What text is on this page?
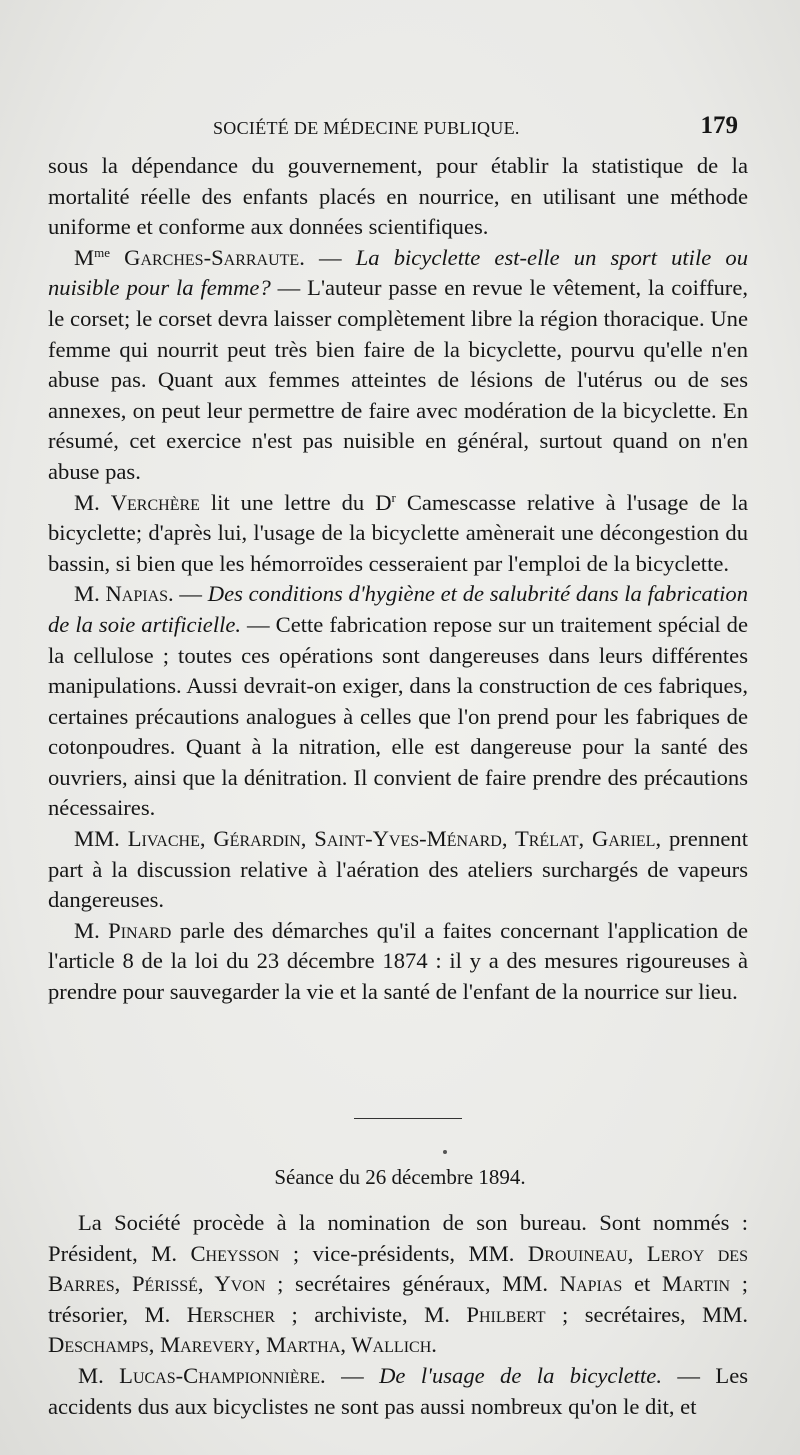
SOCIÉTÉ DE MÉDECINE PUBLIQUE.	179

sous la dépendance du gouvernement, pour établir la statistique de la mortalité réelle des enfants placés en nourrice, en utilisant une méthode uniforme et conforme aux données scientifiques.

$M^{me}$ Garches-Sarraute. — La bicyclette est-elle un sport utile ou nuisible pour la femme? — L'auteur passe en revue le vêtement, la coiffure, le corset; le corset devra laisser complètement libre la région thoracique. Une femme qui nourrit peut très bien faire de la bicyclette, pourvu qu'elle n'en abuse pas. Quant aux femmes atteintes de lésions de l'utérus ou de ses annexes, on peut leur permettre de faire avec modération de la bicyclette. En résumé, cet exercice n'est pas nuisible en général, surtout quand on n'en abuse pas.

M. Verchère lit une lettre du $D^r$ Camescasse relative à l'usage de la bicyclette; d'après lui, l'usage de la bicyclette amènerait une décongestion du bassin, si bien que les hémorroïdes cesseraient par l'emploi de la bicyclette.

M. Napias. — Des conditions d'hygiène et de salubrité dans la fabrication de la soie artificielle. — Cette fabrication repose sur un traitement spécial de la cellulose ; toutes ces opérations sont dangereuses dans leurs différentes manipulations. Aussi devrait-on exiger, dans la construction de ces fabriques, certaines précautions analogues à celles que l'on prend pour les fabriques de cotonpoudres. Quant à la nitration, elle est dangereuse pour la santé des ouvriers, ainsi que la dénitration. Il convient de faire prendre des précautions nécessaires.

MM. Livache, Gérardin, Saint-Yves-Ménard, Trélat, Gariel, prennent part à la discussion relative à l'aération des ateliers surchargés de vapeurs dangereuses.

M. Pinard parle des démarches qu'il a faites concernant l'application de l'article 8 de la loi du 23 décembre 1874 : il y a des mesures rigoureuses à prendre pour sauvegarder la vie et la santé de l'enfant de la nourrice sur lieu.

Séance du 26 décembre 1894.

La Société procède à la nomination de son bureau. Sont nommés : Président, M. Cheysson ; vice-présidents, MM. Drouineau, Leroy des Barres, Périssé, Yvon ; secrétaires généraux, MM. Napias et Martin ; trésorier, M. Herscher ; archiviste, M. Philbert ; secrétaires, MM. Deschamps, Marevery, Martha, Wallich.

M. Lucas-Championnière. — De l'usage de la bicyclette. — Les accidents dus aux bicyclistes ne sont pas aussi nombreux qu'on le dit, et
